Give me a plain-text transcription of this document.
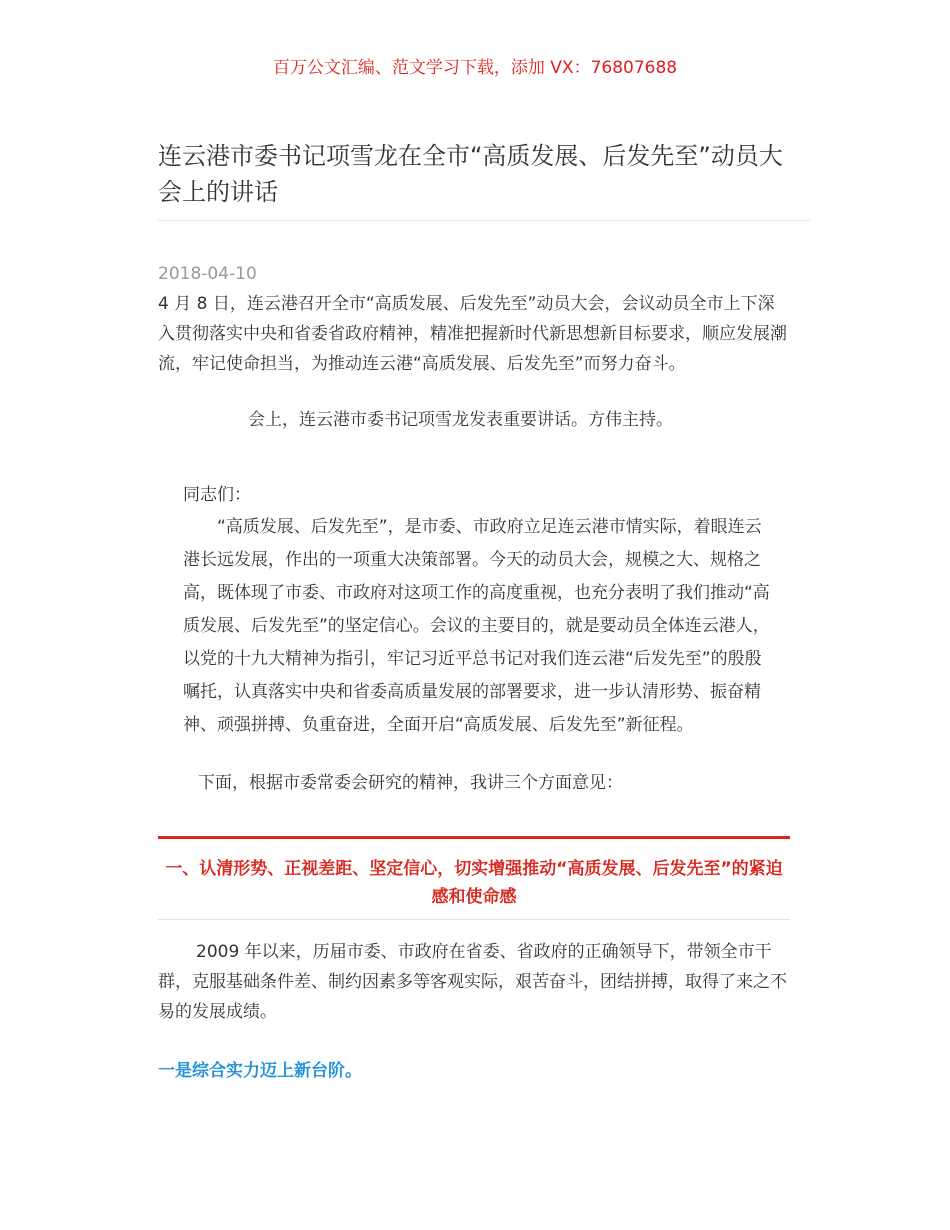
百万公文汇编、范文学习下载，添加 VX：76807688
连云港市委书记项雪龙在全市“高质发展、后发先至”动员大会上的讲话
2018-04-10

4 月 8 日，连云港召开全市“高质发展、后发先至”动员大会，会议动员全市上下深入贯彻落实中央和省委省政府精神，精准把握新时代新思想新目标要求，顺应发展潮流，牢记使命担当，为推动连云港“高质发展、后发先至”而努力奋斗。

会上，连云港市委书记项雪龙发表重要讲话。方伟主持。

同志们：

“高质发展、后发先至”，是市委、市政府立足连云港市情实际，着眼连云港长远发展，作出的一项重大决策部署。今天的动员大会，规模之大、规格之高，既体现了市委、市政府对这项工作的高度重视，也充分表明了我们推动“高质发展、后发先至”的坚定信心。会议的主要目的，就是要动员全体连云港人，以党的十九大精神为指引，牢记习近平总书记对我们连云港“后发先至”的殷殷嘱托，认真落实中央和省委高质量发展的部署要求，进一步认清形势、振奋精神、顽强拼搏、负重奋进，全面开启“高质发展、后发先至”新征程。

下面，根据市委常委会研究的精神，我讲三个方面意见：

一、认清形势、正视差距、坚定信心，切实增强推动“高质发展、后发先至”的紧迫感和使命感

2009 年以来，历届市委、市政府在省委、省政府的正确领导下，带领全市干群，克服基础条件差、制约因素多等客观实际，艰苦奋斗，团结拼搏，取得了来之不易的发展成绩。

一是综合实力迈上新台阶。
